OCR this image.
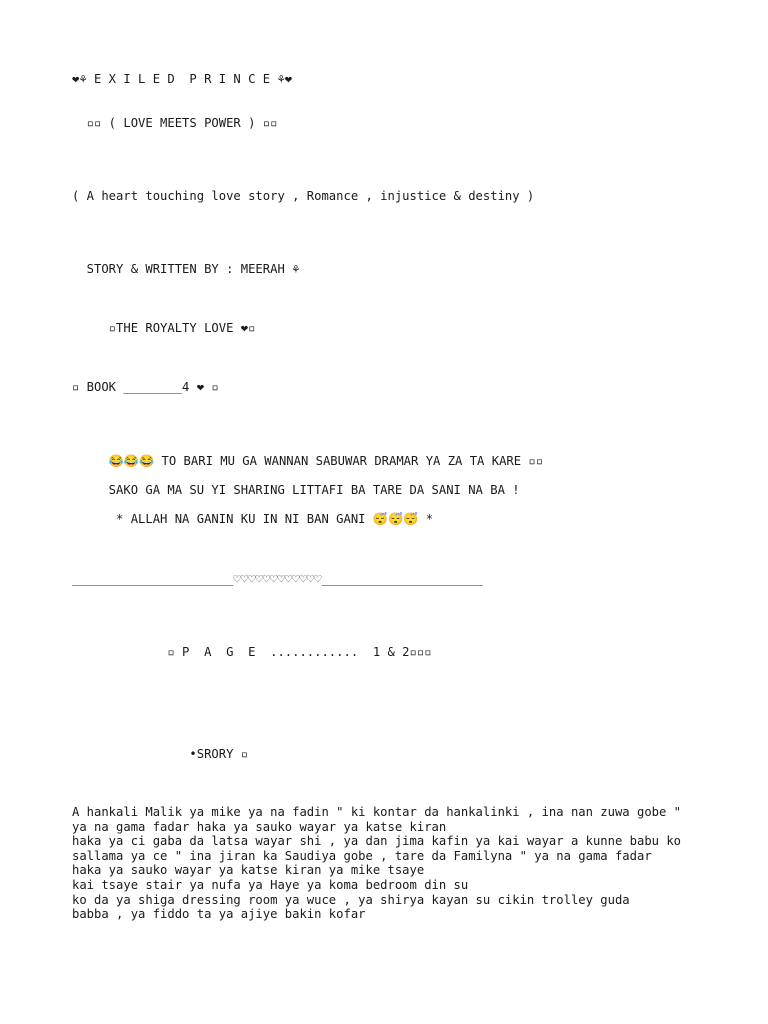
❤⚘ E X I L E D  P R I N C E ⚘❤
▫▫ ( LOVE MEETS POWER ) ▫▫
( A heart touching love story , Romance , injustice & destiny )
STORY & WRITTEN BY : MEERAH ⚘
▫THE ROYALTY LOVE ❤▫
▫ BOOK ________4 ❤ ▫
😂😂😂 TO BARI MU GA WANNAN SABUWAR DRAMAR YA ZA TA KARE ▫▫
SAKO GA MA SU YI SHARING LITTAFI BA TARE DA SANI NA BA !
* ALLAH NA GANIN KU IN NI BAN GANI 😴😴😴 *
______________________♡♡♡♡♡♡♡♡♡♡♡♡______________________
▫ P  A  G  E  ............  1 & 2▫▫▫
•SRORY ▫
A hankali Malik ya mike ya na fadin " ki kontar da hankalinki , ina nan zuwa gobe "
ya na gama fadar haka ya sauko wayar ya katse kiran
haka ya ci gaba da latsa wayar shi , ya dan jima kafin ya kai wayar a kunne babu ko
sallama ya ce " ina jiran ka Saudiya gobe , tare da Familyna " ya na gama fadar
haka ya sauko wayar ya katse kiran ya mike tsaye
kai tsaye stair ya nufa ya Haye ya koma bedroom din su
ko da ya shiga dressing room ya wuce , ya shirya kayan su cikin trolley guda
babba , ya fiddo ta ya ajiye bakin kofar
